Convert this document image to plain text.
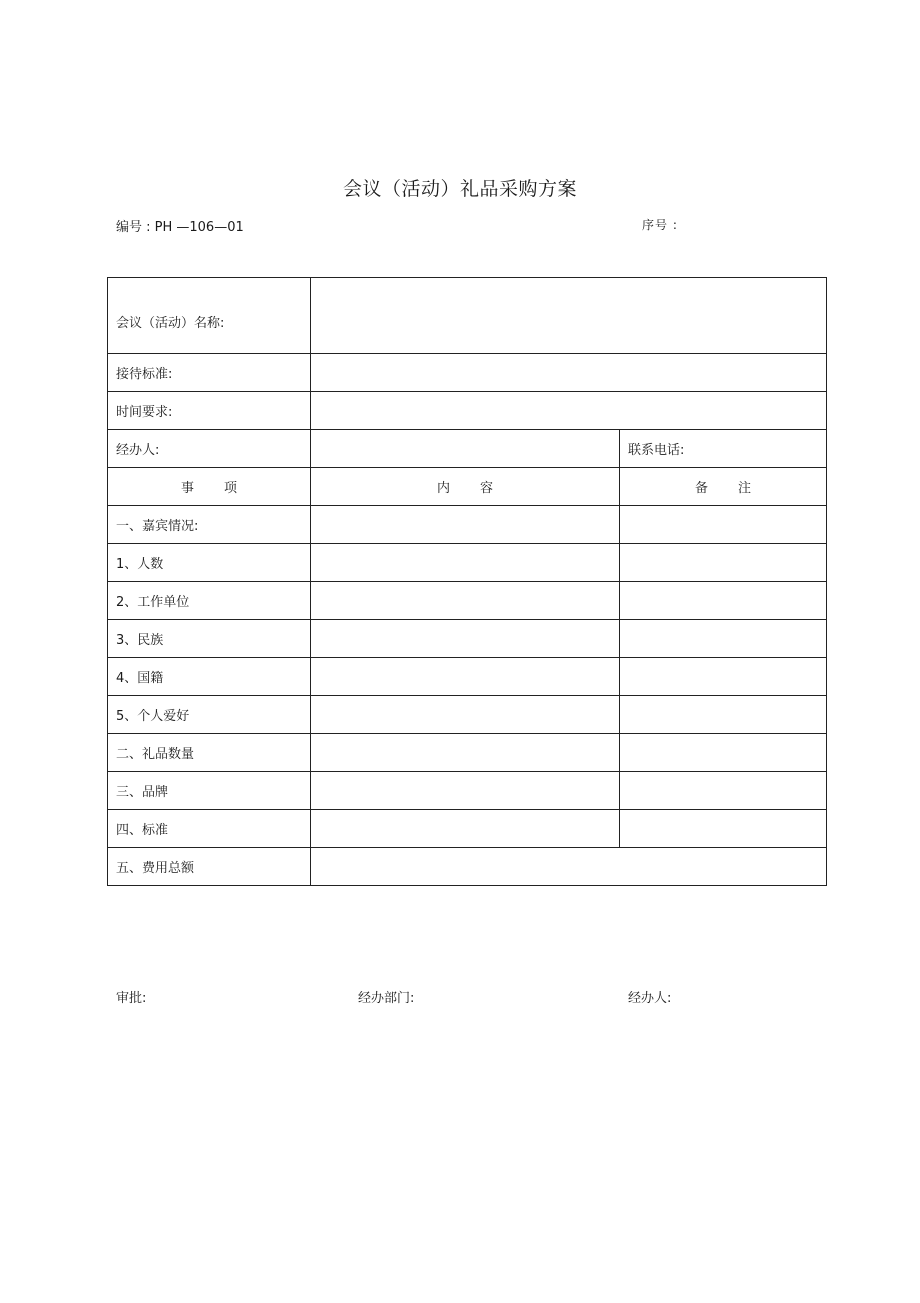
会议（活动）礼品采购方案
编号 : PH —106—01	序号 :
会议（活动）名称:		
接待标准:		
时间要求:		
经办人:		联系电话:
事项	内容	备注
一、嘉宾情况:		
1、人数		
2、工作单位		
3、民族		
4、国籍		
5、个人爱好		
二、礼品数量		
三、品牌		
四、标准		
五、费用总额		
审批:	经办部门:	经办人:
